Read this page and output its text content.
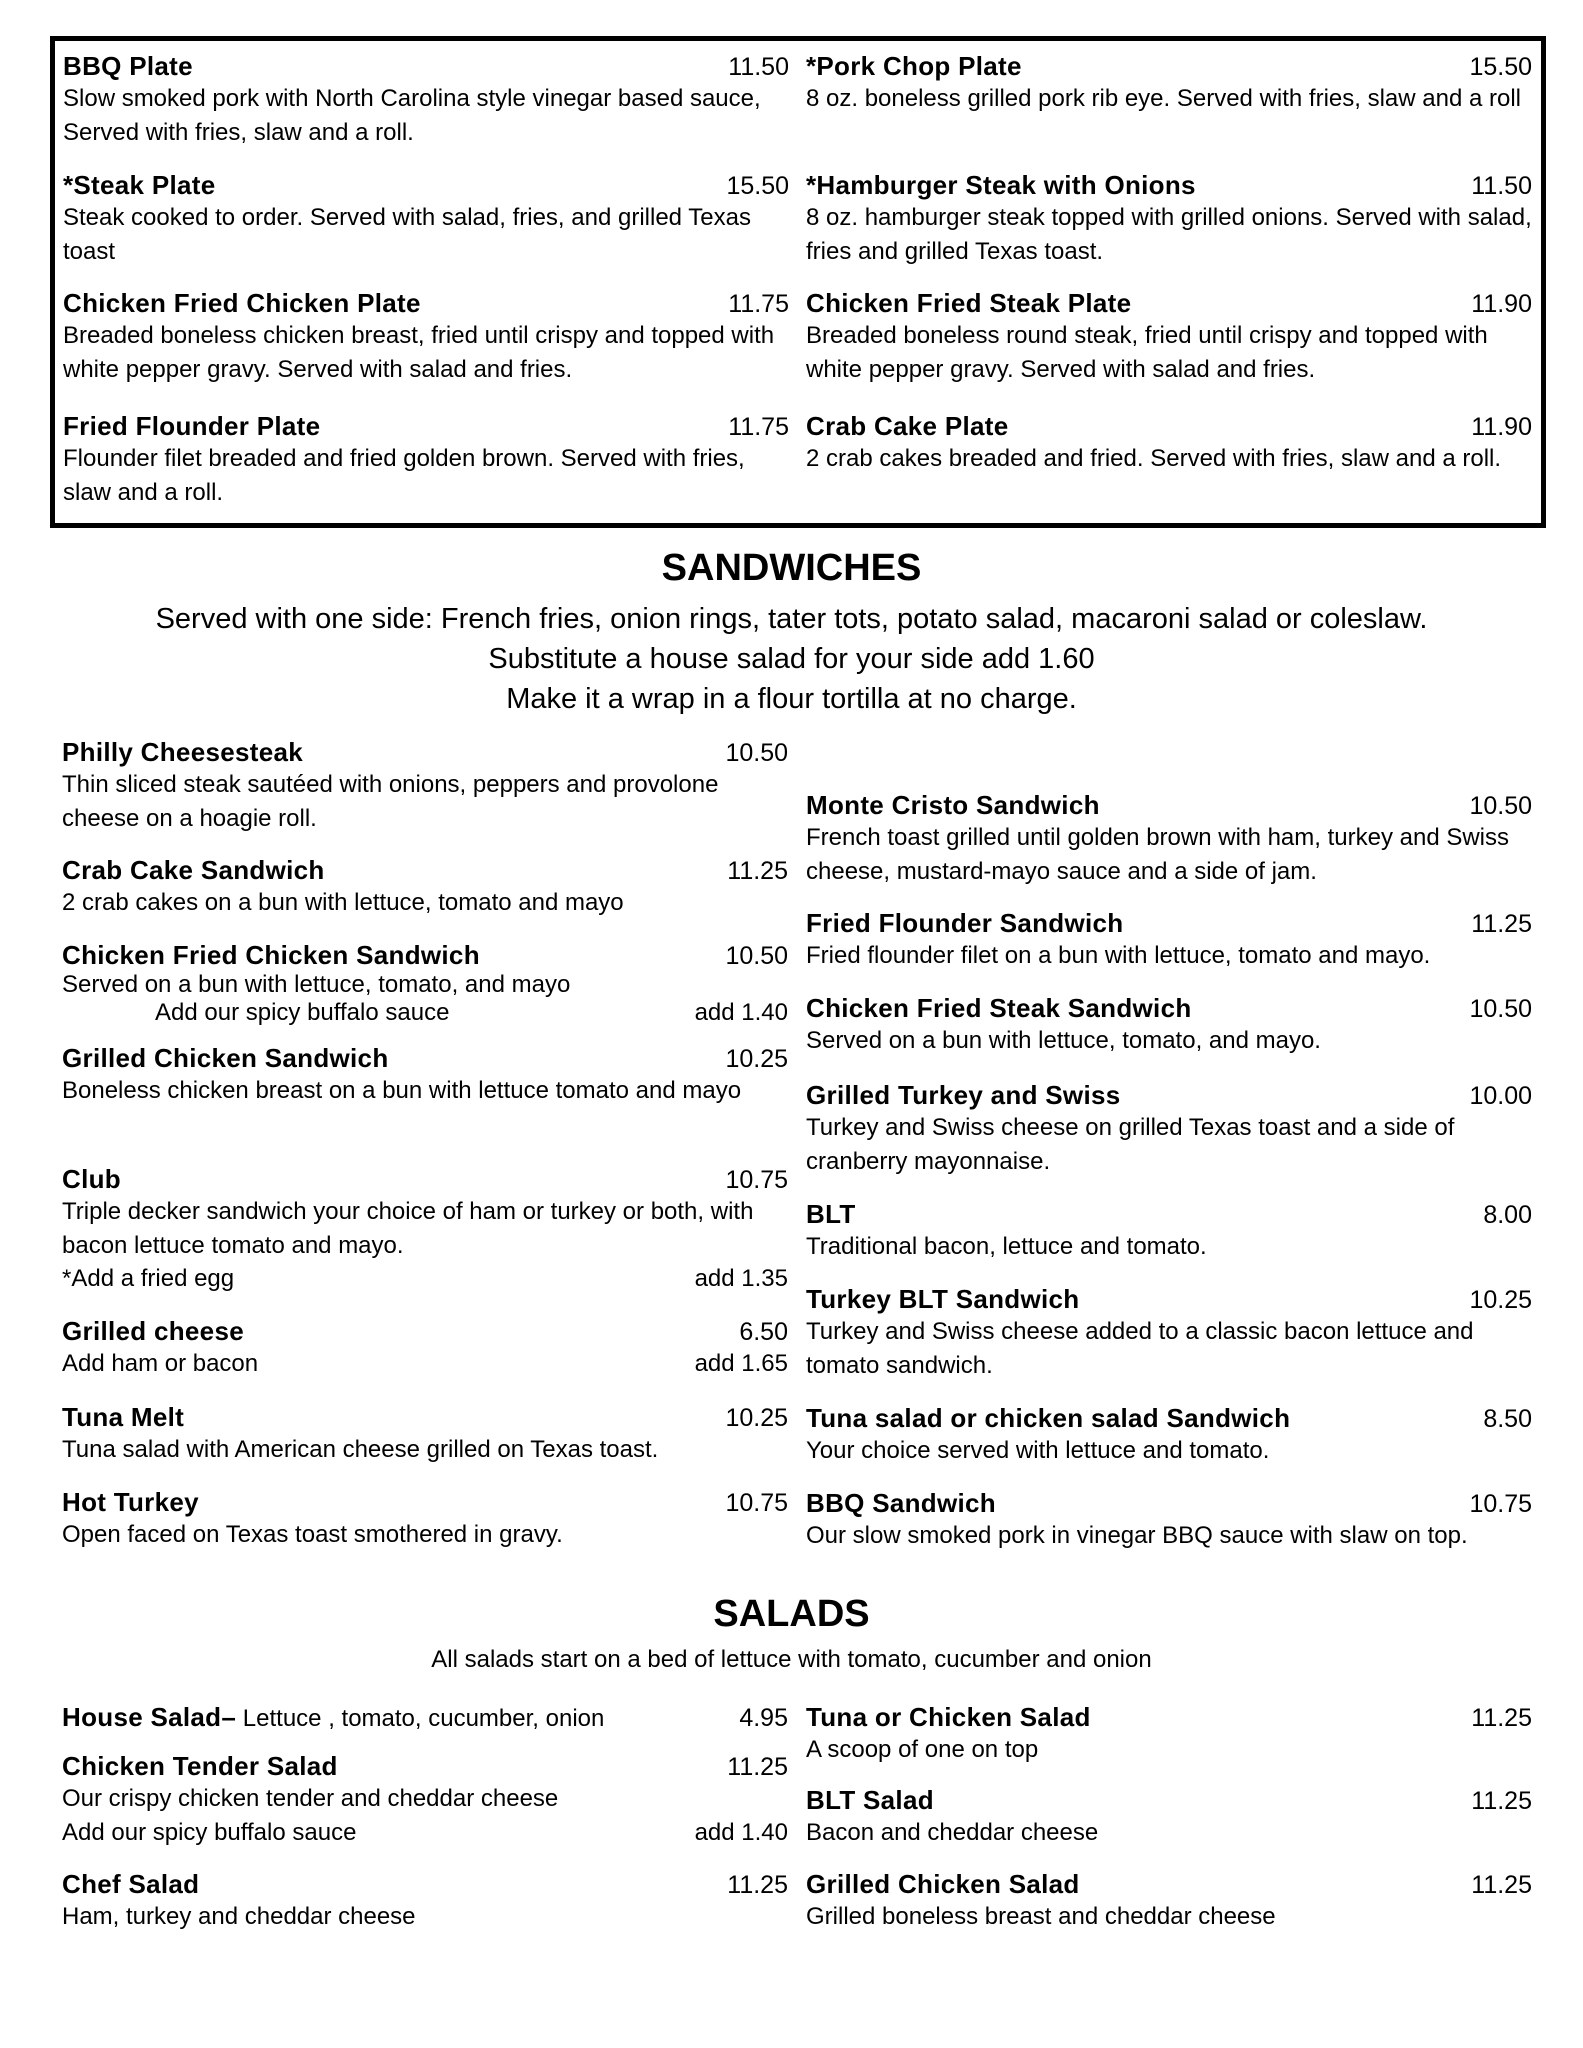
BBQ Plate	11.50
Slow smoked pork with North Carolina style vinegar based sauce, Served with fries, slaw and a roll.
*Steak Plate	15.50
Steak cooked to order. Served with salad, fries, and grilled Texas toast
Chicken Fried Chicken Plate	11.75
Breaded boneless chicken breast, fried until crispy and topped with white pepper gravy. Served with salad and fries.
Fried Flounder Plate	11.75
Flounder filet breaded and fried golden brown. Served with fries, slaw and a roll.
*Pork Chop Plate	15.50
8 oz. boneless grilled pork rib eye. Served with fries, slaw and a roll
*Hamburger Steak with Onions	11.50
8 oz. hamburger steak topped with grilled onions. Served with salad, fries and grilled Texas toast.
Chicken Fried Steak Plate	11.90
Breaded boneless round steak, fried until crispy and topped with white pepper gravy. Served with salad and fries.
Crab Cake Plate	11.90
2 crab cakes breaded and fried. Served with fries, slaw and a roll.
SANDWICHES
Served with one side: French fries, onion rings, tater tots, potato salad, macaroni salad or coleslaw.
Substitute a house salad for your side add 1.60
Make it a wrap in a flour tortilla at no charge.
Philly Cheesesteak	10.50
Thin sliced steak sautéed with onions, peppers and provolone cheese on a hoagie roll.
Crab Cake Sandwich	11.25
2 crab cakes on a bun with lettuce, tomato and mayo
Chicken Fried Chicken Sandwich	10.50
Served on a bun with lettuce, tomato, and mayo
Add our spicy buffalo sauce	add 1.40
Grilled Chicken Sandwich	10.25
Boneless chicken breast on a bun with lettuce tomato and mayo
Club	10.75
Triple decker sandwich your choice of ham or turkey or both, with bacon lettuce tomato and mayo.
*Add a fried egg	add 1.35
Grilled cheese	6.50
Add ham or bacon	add 1.65
Tuna Melt	10.25
Tuna salad with American cheese grilled on Texas toast.
Hot Turkey	10.75
Open faced on Texas toast smothered in gravy.
Monte Cristo Sandwich	10.50
French toast grilled until golden brown with ham, turkey and Swiss cheese, mustard-mayo sauce and a side of jam.
Fried Flounder Sandwich	11.25
Fried flounder filet on a bun with lettuce, tomato and mayo.
Chicken Fried Steak Sandwich	10.50
Served on a bun with lettuce, tomato, and mayo.
Grilled Turkey and Swiss	10.00
Turkey and Swiss cheese on grilled Texas toast and a side of cranberry mayonnaise.
BLT	8.00
Traditional bacon, lettuce and tomato.
Turkey BLT Sandwich	10.25
Turkey and Swiss cheese added to a classic bacon lettuce and tomato sandwich.
Tuna salad or chicken salad Sandwich	8.50
Your choice served with lettuce and tomato.
BBQ Sandwich	10.75
Our slow smoked pork in vinegar BBQ sauce with slaw on top.
SALADS
All salads start on a bed of lettuce with tomato, cucumber and onion
House Salad– Lettuce , tomato, cucumber, onion	4.95
Chicken Tender Salad	11.25
Our crispy chicken tender and cheddar cheese
Add our spicy buffalo sauce	add 1.40
Chef Salad	11.25
Ham, turkey and cheddar cheese
Tuna or Chicken Salad	11.25
A scoop of one on top
BLT Salad	11.25
Bacon and cheddar cheese
Grilled Chicken Salad	11.25
Grilled boneless breast and cheddar cheese
